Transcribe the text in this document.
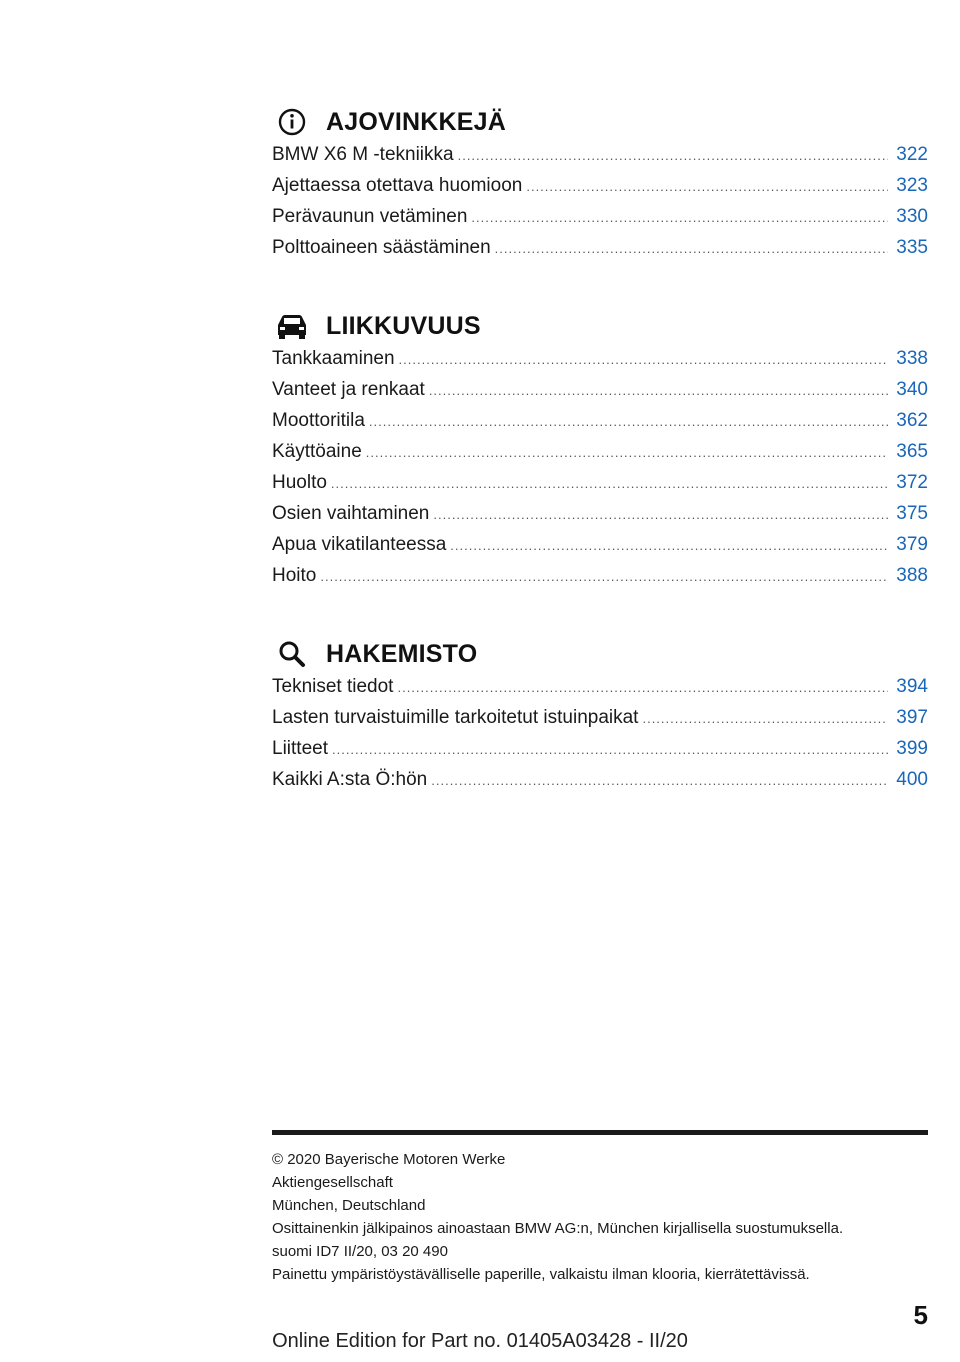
AJOVINKKEJÄ
BMW X6 M -tekniikka .....	322
Ajettaessa otettava huomioon .....	323
Perävaunun vetäminen .....	330
Polttoaineen säästäminen .....	335
LIIKKUVUUS
Tankkaaminen .....	338
Vanteet ja renkaat .....	340
Moottoritila .....	362
Käyttöaine .....	365
Huolto .....	372
Osien vaihtaminen .....	375
Apua vikatilanteessa .....	379
Hoito .....	388
HAKEMISTO
Tekniset tiedot .....	394
Lasten turvaistuimille tarkoitetut istuinpaikat .....	397
Liitteet .....	399
Kaikki A:sta Ö:hön .....	400
© 2020 Bayerische Motoren Werke
Aktiengesellschaft
München, Deutschland
Osittainenkin jälkipainos ainoastaan BMW AG:n, München kirjallisella suostumuksella.
suomi ID7 II/20, 03 20 490
Painettu ympäristöystävälliselle paperille, valkaistu ilman klooria, kierrätettävissä.
5
Online Edition for Part no. 01405A03428 - II/20
